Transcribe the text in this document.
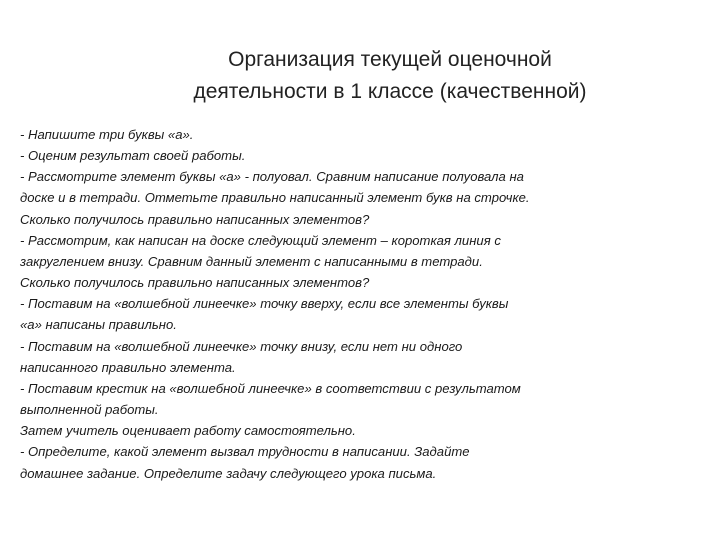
Организация текущей оценочной
деятельности в 1 классе (качественной)
- Напишите три буквы «а».
- Оценим результат своей работы.
- Рассмотрите элемент буквы «а» - полуовал. Сравним написание полуовала на
доске и в тетради. Отметьте правильно написанный элемент букв на строчке.
Сколько получилось правильно написанных элементов?
- Рассмотрим, как написан на доске следующий элемент – короткая линия с
закруглением внизу. Сравним данный элемент с написанными в тетради.
Сколько получилось правильно написанных элементов?
- Поставим на «волшебной линеечке» точку вверху, если все элементы буквы
«а» написаны правильно.
- Поставим на «волшебной линеечке» точку внизу, если нет ни одного
написанного правильно элемента.
- Поставим крестик на «волшебной линеечке» в соответствии с результатом
выполненной работы.
Затем учитель оценивает работу самостоятельно.
- Определите, какой элемент вызвал трудности в написании. Задайте
домашнее задание. Определите задачу следующего урока письма.
